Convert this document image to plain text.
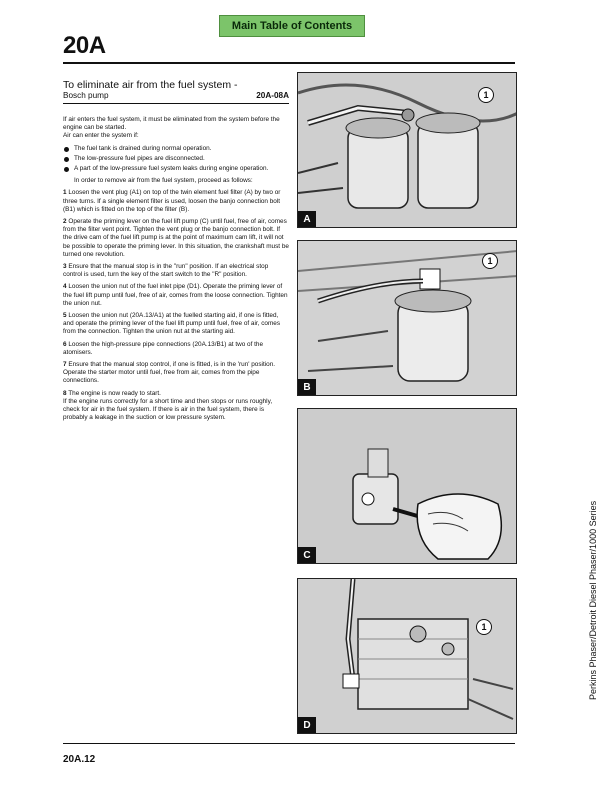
Main Table of Contents
20A
To eliminate air from the fuel system -
Bosch pump	20A-08A

If air enters the fuel system, it must be eliminated from the system before the engine can be started.

Air can enter the system if:

The fuel tank is drained during normal operation.
The low-pressure fuel pipes are disconnected.
A part of the low-pressure fuel system leaks during engine operation.

In order to remove air from the fuel system, proceed as follows:

1 Loosen the vent plug (A1) on top of the twin element fuel filter (A) by two or three turns. If a single element filter is used, loosen the banjo connection bolt (B1) which is fitted on the top of the filter (B).

2 Operate the priming lever on the fuel lift pump (C) until fuel, free of air, comes from the filter vent point. Tighten the vent plug or the banjo connection bolt. If the drive cam of the fuel lift pump is at the point of maximum cam lift, it will not be possible to operate the priming lever. In this situation, the crankshaft must be turned one revolution.

3 Ensure that the manual stop is in the "run" position. If an electrical stop control is used, turn the key of the start switch to the "R" position.

4 Loosen the union nut of the fuel inlet pipe (D1). Operate the priming lever of the fuel lift pump until fuel, free of air, comes from the loose connection. Tighten the union nut.

5 Loosen the union nut (20A.13/A1) at the fuelled starting aid, if one is fitted, and operate the priming lever of the fuel lift pump until fuel, free of air, comes from the connection. Tighten the union nut at the starting aid.

6 Loosen the high-pressure pipe connections (20A.13/B1) at two of the atomisers.

7 Ensure that the manual stop control, if one is fitted, is in the 'run' position. Operate the starter motor until fuel, free from air, comes from the pipe connections.

8 The engine is now ready to start.

If the engine runs correctly for a short time and then stops or runs roughly, check for air in the fuel system. If there is air in the fuel system, there is probably a leakage in the suction or low pressure system.

1
A
1
B
C
1
D
Perkins Phaser/Detroit Diesel Phaser/1000 Series
20A.12
